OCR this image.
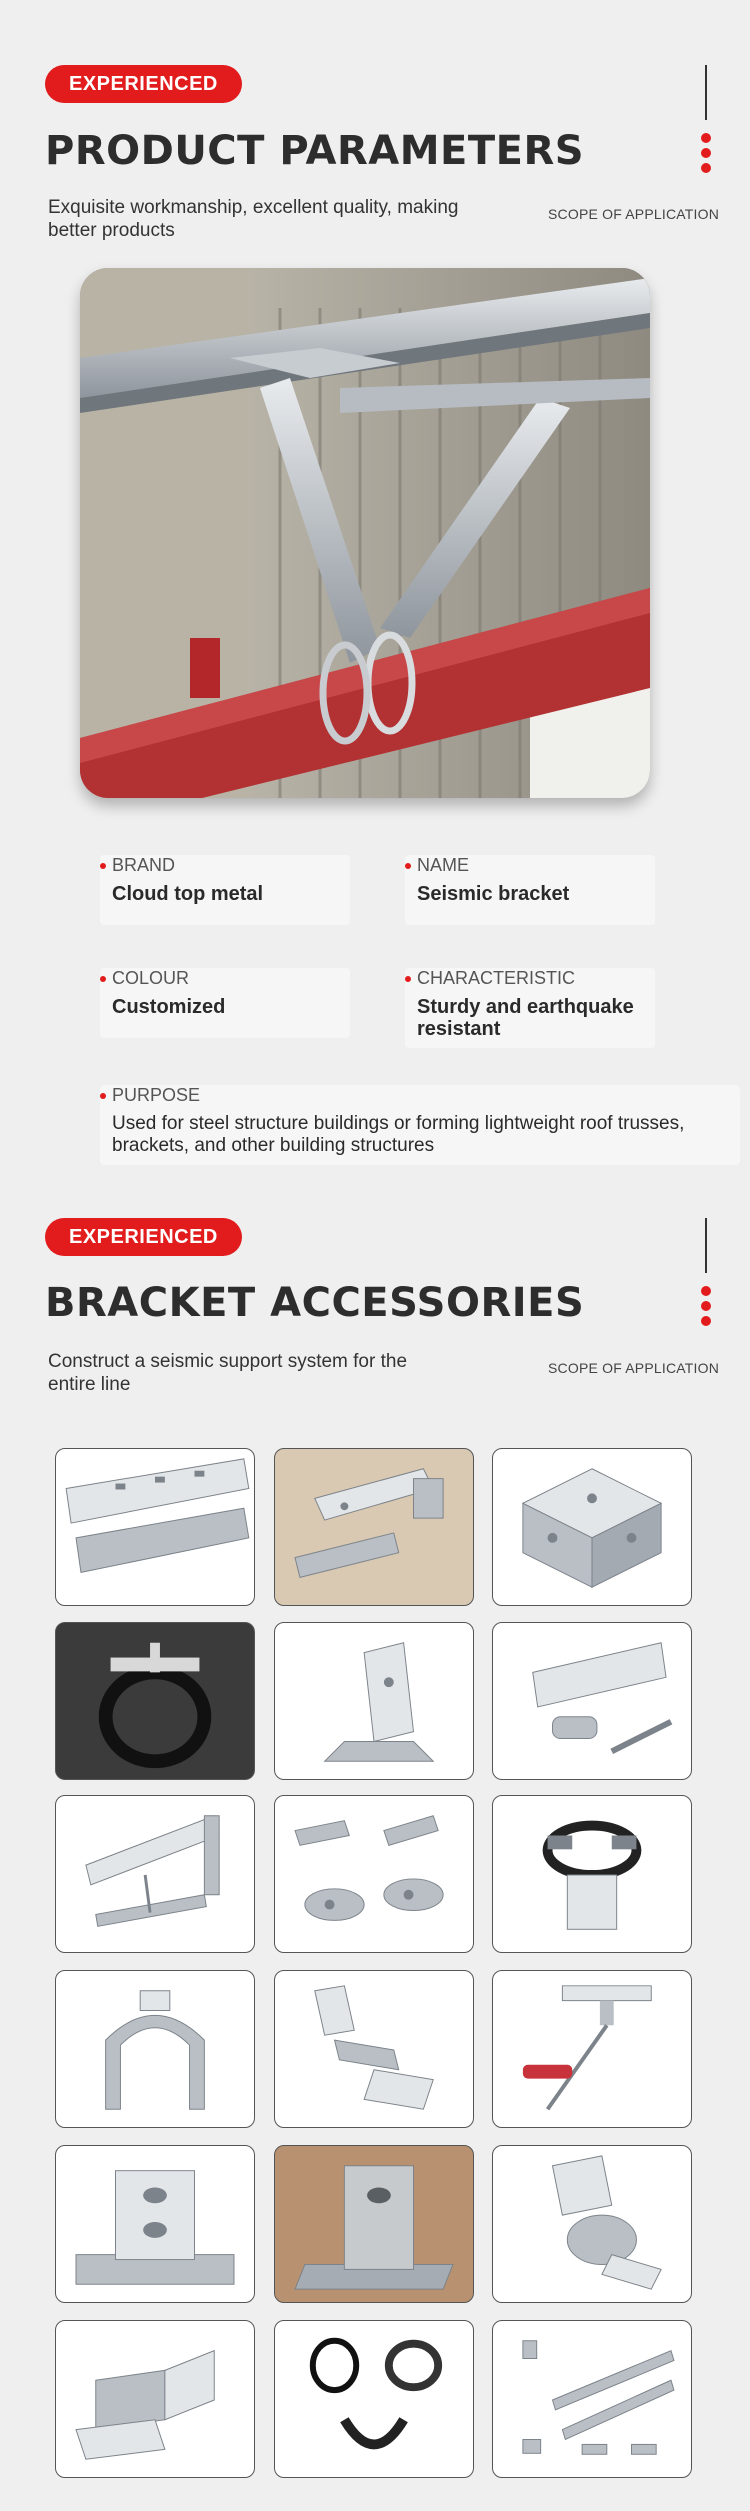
EXPERIENCED
PRODUCT PARAMETERS
Exquisite workmanship, excellent quality, making better products
SCOPE OF APPLICATION
BRAND
Cloud top metal
NAME
Seismic bracket
COLOUR
Customized
CHARACTERISTIC
Sturdy and earthquake resistant
PURPOSE
Used for steel structure buildings or forming lightweight roof trusses, brackets, and other building structures
EXPERIENCED
BRACKET ACCESSORIES
Construct a seismic support system for the entire line
SCOPE OF APPLICATION
